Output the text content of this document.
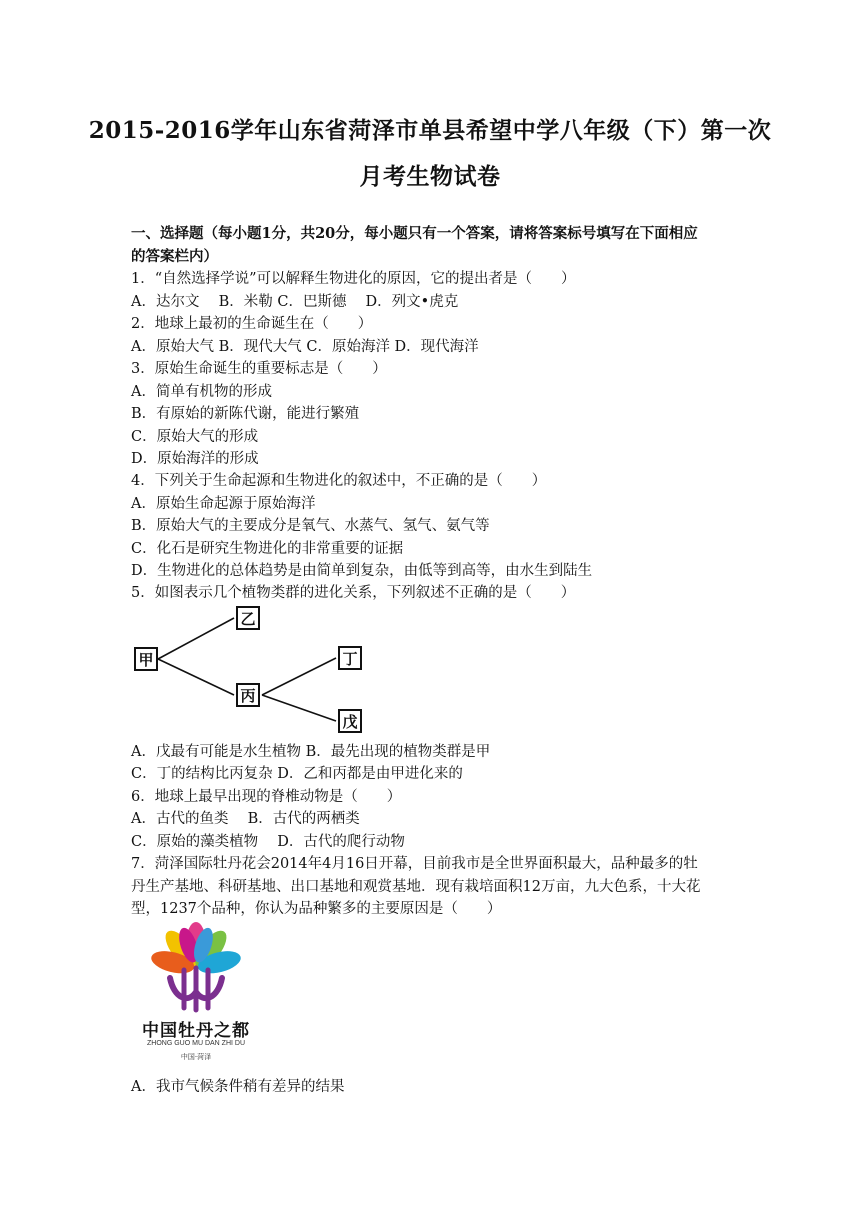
2015-2016学年山东省菏泽市单县希望中学八年级（下）第一次
月考生物试卷
一、选择题（每小题1分，共20分，每小题只有一个答案，请将答案标号填写在下面相应
的答案栏内）
1．“自然选择学说”可以解释生物进化的原因，它的提出者是（　　）
A．达尔文　 B．米勒 C．巴斯德　 D．列文•虎克
2．地球上最初的生命诞生在（　　）
A．原始大气 B．现代大气 C．原始海洋 D．现代海洋
3．原始生命诞生的重要标志是（　　）
A．简单有机物的形成
B．有原始的新陈代谢，能进行繁殖
C．原始大气的形成
D．原始海洋的形成
4．下列关于生命起源和生物进化的叙述中，不正确的是（　　）
A．原始生命起源于原始海洋
B．原始大气的主要成分是氧气、水蒸气、氢气、氨气等
C．化石是研究生物进化的非常重要的证据
D．生物进化的总体趋势是由简单到复杂，由低等到高等，由水生到陆生
5．如图表示几个植物类群的进化关系，下列叙述不正确的是（　　）
甲
乙
丙
丁
戊
A．戊最有可能是水生植物 B．最先出现的植物类群是甲
C．丁的结构比丙复杂 D．乙和丙都是由甲进化来的
6．地球上最早出现的脊椎动物是（　　）
A．古代的鱼类　 B．古代的两栖类
C．原始的藻类植物　 D．古代的爬行动物
7．菏泽国际牡丹花会2014年4月16日开幕，目前我市是全世界面积最大，品种最多的牡
丹生产基地、科研基地、出口基地和观赏基地．现有栽培面积12万亩，九大色系，十大花
型，1237个品种，你认为品种繁多的主要原因是（　　）
中国牡丹之都
ZHONG GUO MU DAN ZHI DU
中国·菏泽
A．我市气候条件稍有差异的结果
